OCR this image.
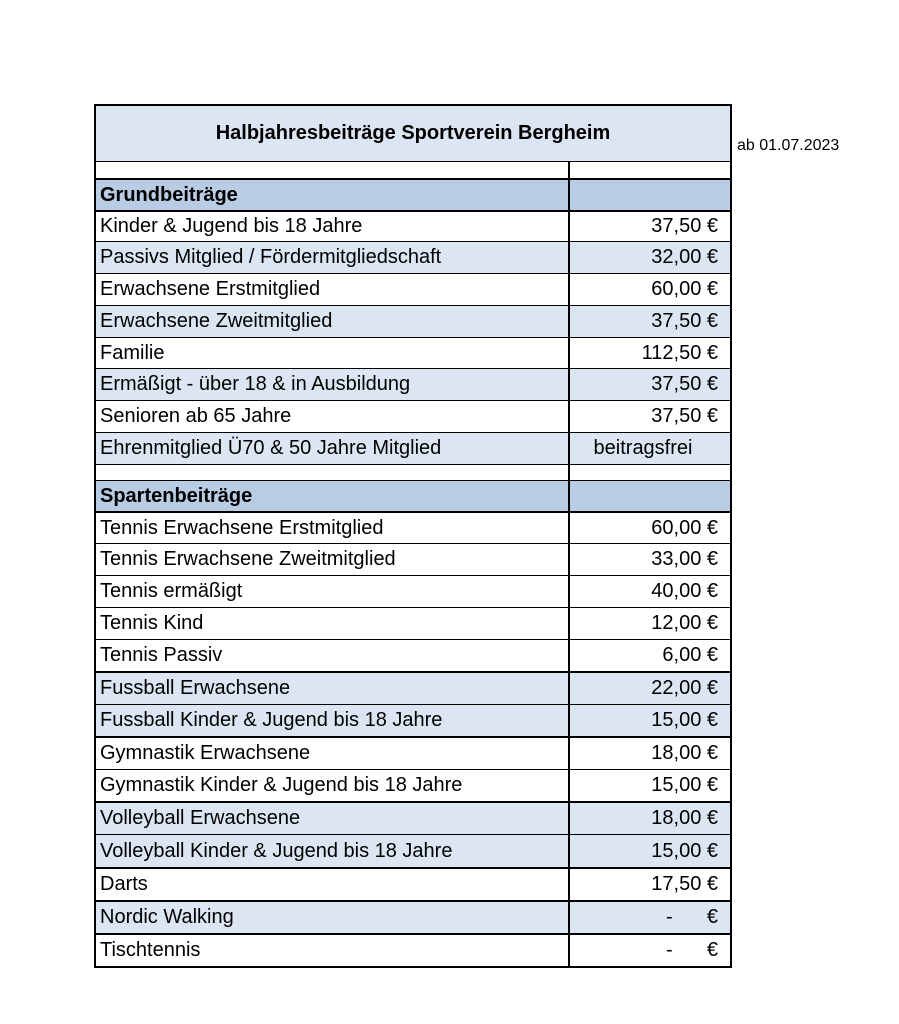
ab 01.07.2023
Halbjahresbeiträge Sportverein Bergheim
Grundbeiträge
Kinder & Jugend bis 18 Jahre	37,50 €
Passivs Mitglied / Fördermitgliedschaft	32,00 €
Erwachsene Erstmitglied	60,00 €
Erwachsene Zweitmitglied	37,50 €
Familie	112,50 €
Ermäßigt - über 18 & in Ausbildung	37,50 €
Senioren ab 65 Jahre	37,50 €
Ehrenmitglied Ü70 & 50 Jahre Mitglied	beitragsfrei
Spartenbeiträge
Tennis Erwachsene Erstmitglied	60,00 €
Tennis Erwachsene Zweitmitglied	33,00 €
Tennis ermäßigt	40,00 €
Tennis Kind	12,00 €
Tennis Passiv	6,00 €
Fussball Erwachsene	22,00 €
Fussball Kinder & Jugend bis 18 Jahre	15,00 €
Gymnastik Erwachsene	18,00 €
Gymnastik Kinder & Jugend bis 18 Jahre	15,00 €
Volleyball Erwachsene	18,00 €
Volleyball Kinder & Jugend bis 18 Jahre	15,00 €
Darts	17,50 €
Nordic Walking	- €
Tischtennis	- €
